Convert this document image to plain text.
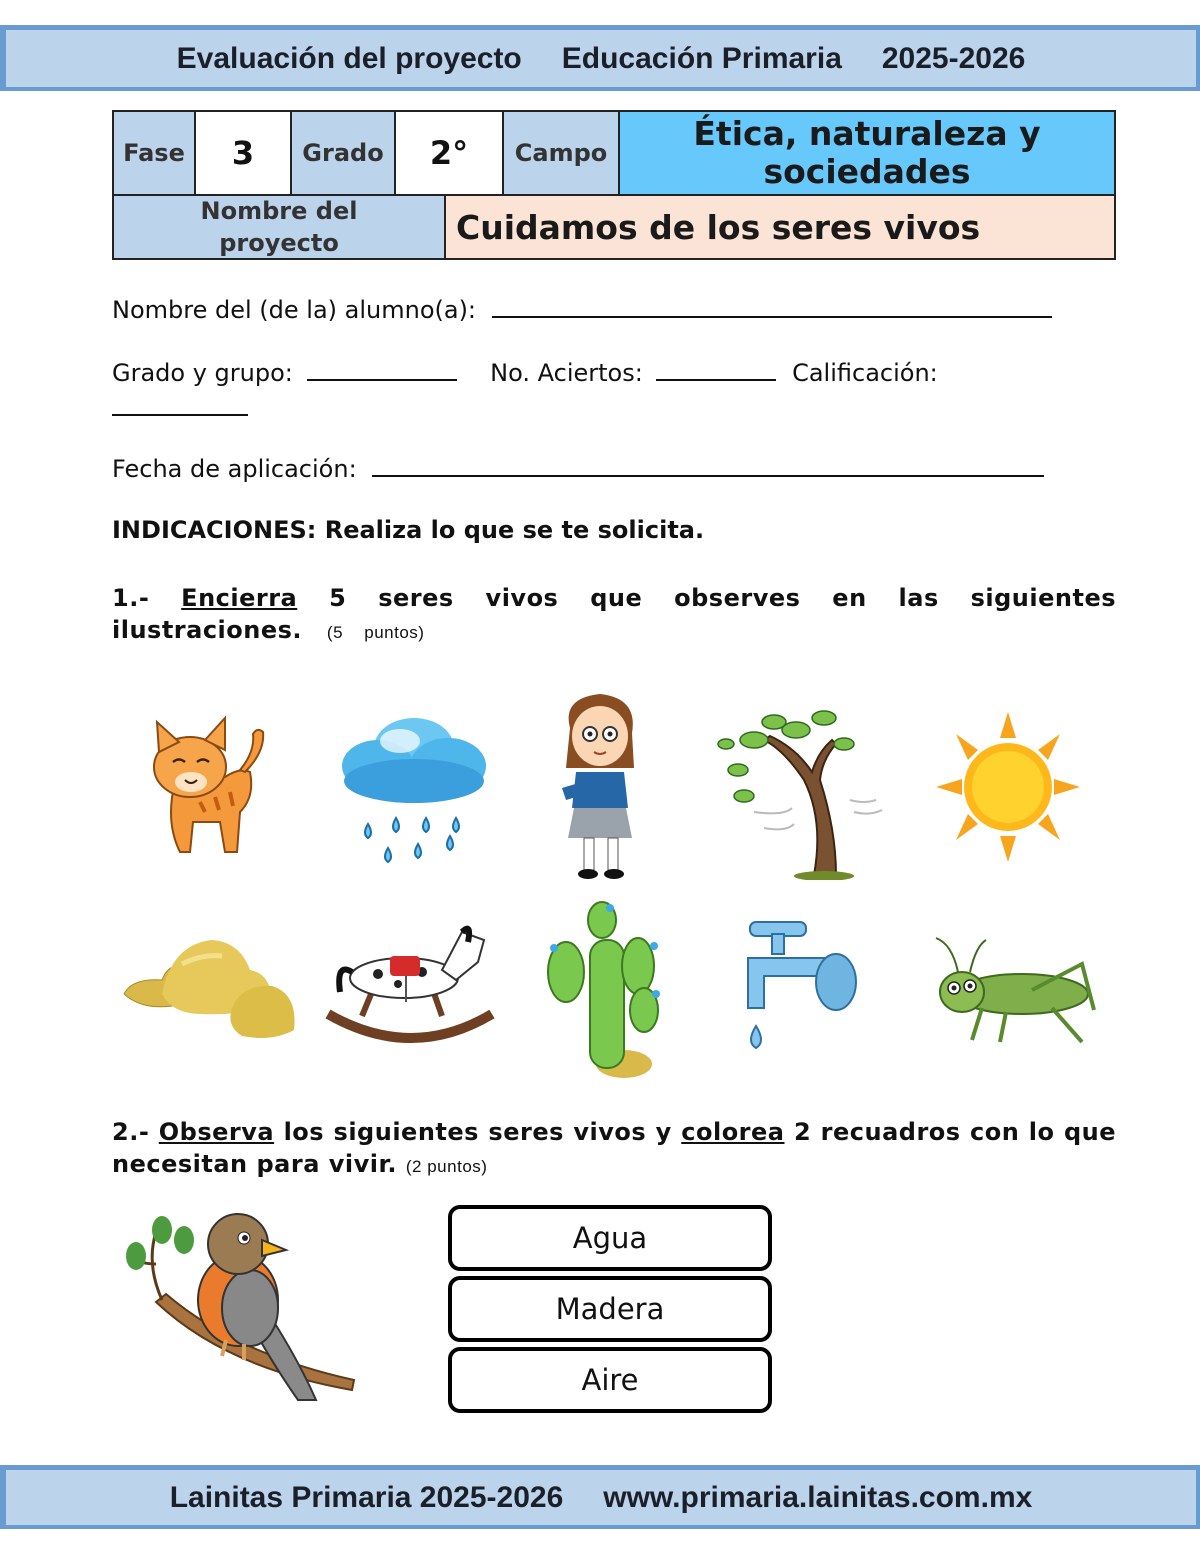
Evaluación del proyecto Educación Primaria 2025-2026
Fase	3	Grado	2°	Campo	Ética, naturaleza y sociedades
Nombre del proyecto	Cuidamos de los seres vivos
Nombre del (de la) alumno(a):
Grado y grupo:	No. Aciertos:	Calificación:
Fecha de aplicación:
INDICACIONES: Realiza lo que se te solicita.
1.- Encierra 5 seres vivos que observes en las siguientes ilustraciones. (5 puntos)
2.- Observa los siguientes seres vivos y colorea 2 recuadros con lo que necesitan para vivir. (2 puntos)
Agua
Madera
Aire
Lainitas Primaria 2025-2026 www.primaria.lainitas.com.mx
